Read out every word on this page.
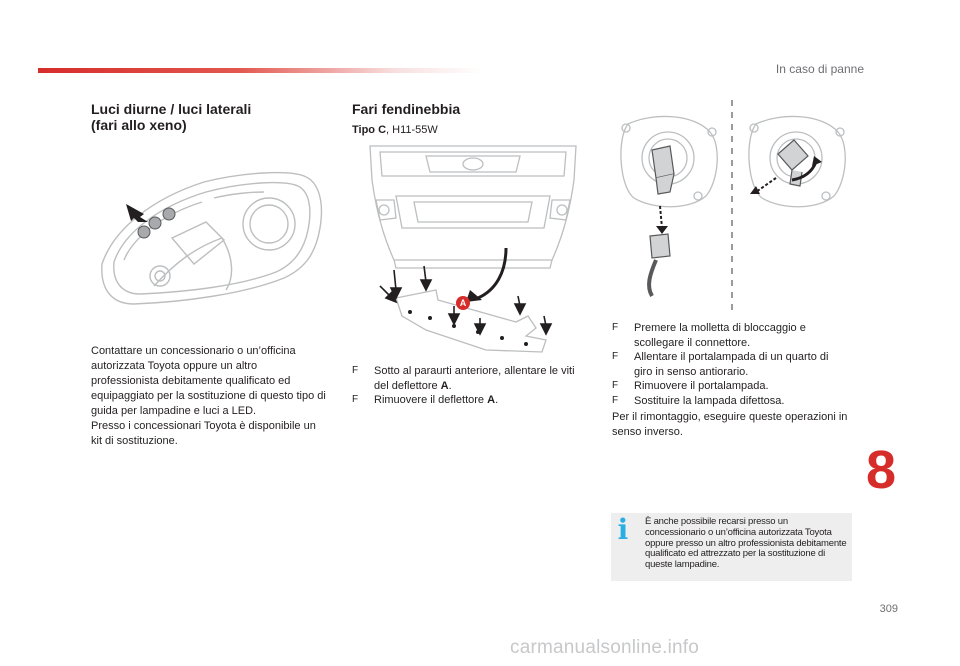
In caso di panne
Luci diurne / luci laterali
(fari allo xeno)
Contattare un concessionario o un’officina autorizzata Toyota oppure un altro professionista debitamente qualificato ed equipaggiato per la sostituzione di questo tipo di guida per lampadine e luci a LED.
Presso i concessionari Toyota è disponibile un kit di sostituzione.
Fari fendinebbia
Tipo C, H11-55W
A
F Sotto al paraurti anteriore, allentare le viti del deflettore A.
F Rimuovere il deflettore A.
F Premere la molletta di bloccaggio e scollegare il connettore.
F Allentare il portalampada di un quarto di giro in senso antiorario.
F Rimuovere il portalampada.
F Sostituire la lampada difettosa.
Per il rimontaggio, eseguire queste operazioni in senso inverso.
8
i	È anche possibile recarsi presso un concessionario o un’officina autorizzata Toyota oppure presso un altro professionista debitamente qualificato ed attrezzato per la sostituzione di queste lampadine.
309
carmanualsonline.info
